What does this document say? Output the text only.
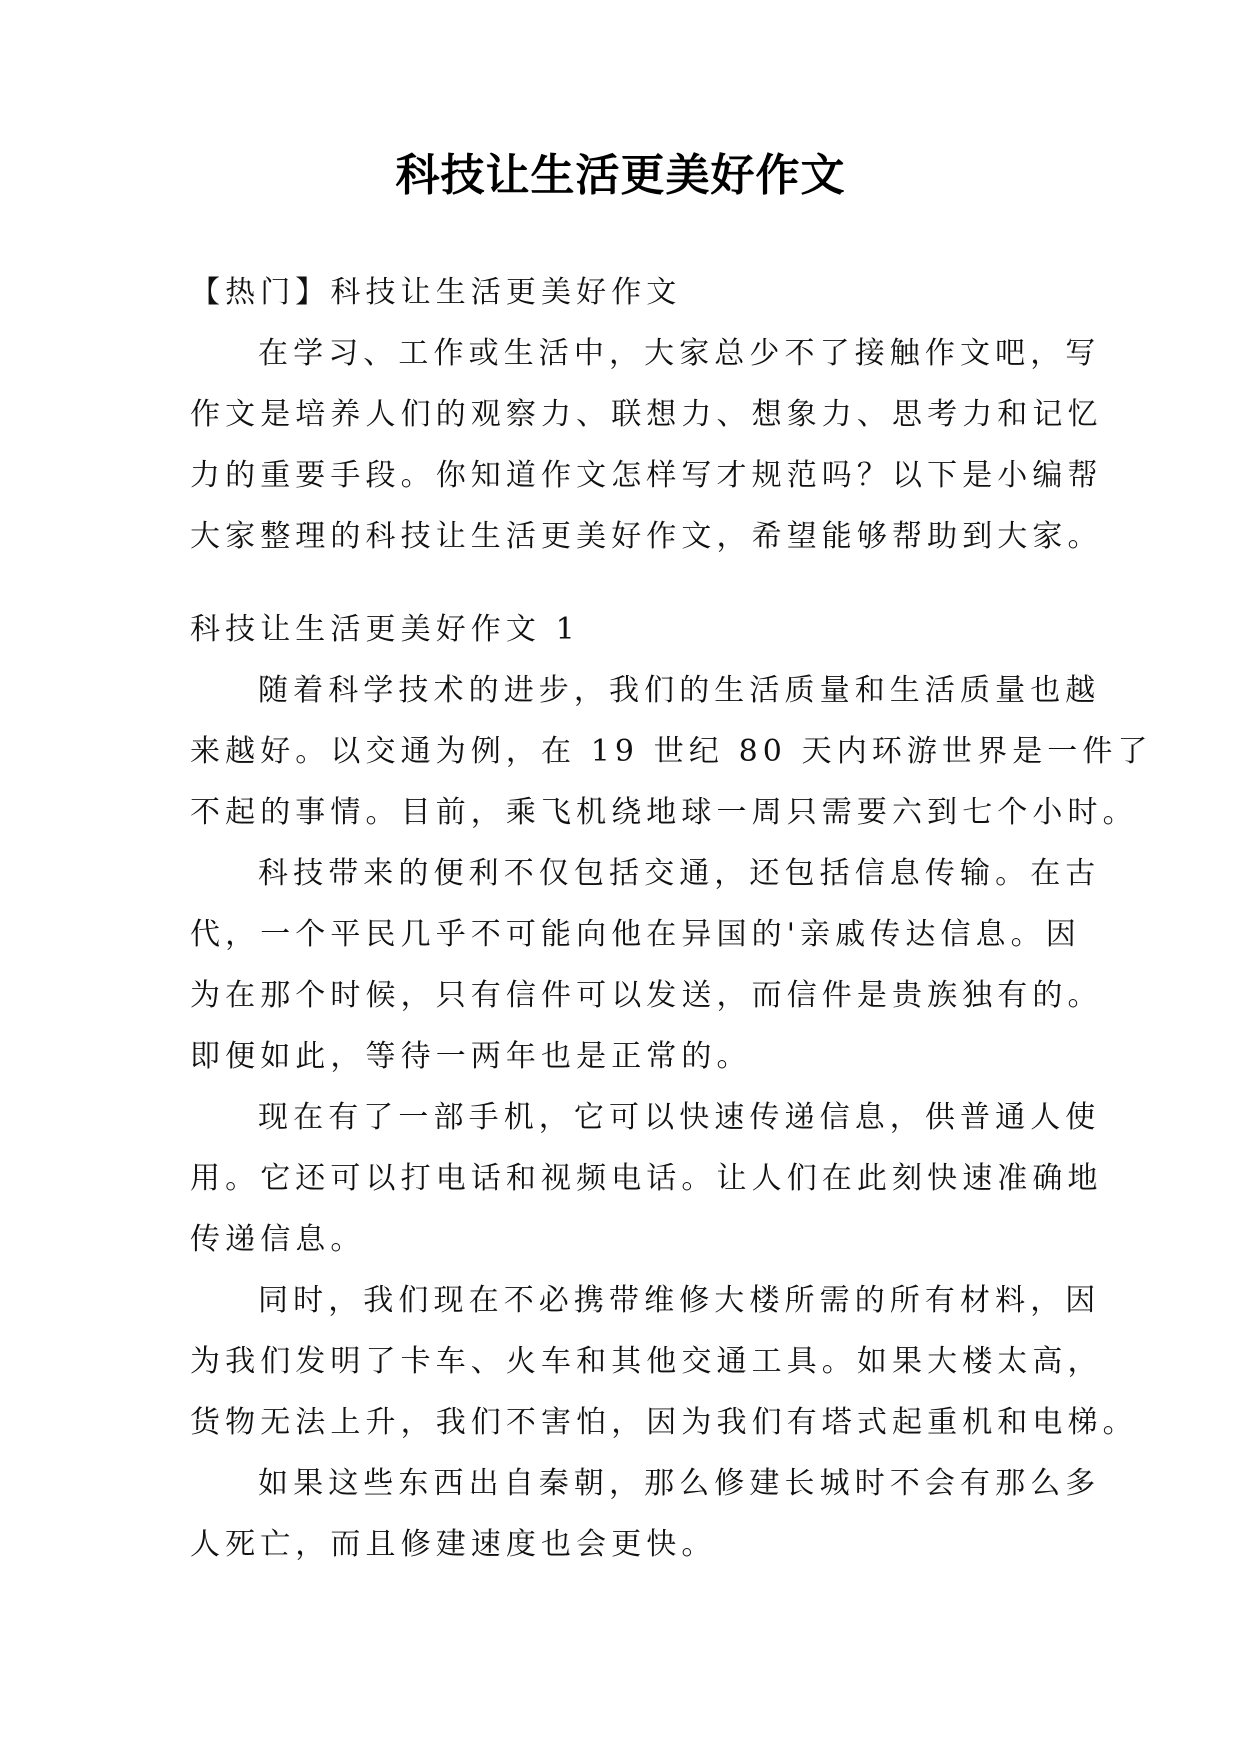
科技让生活更美好作文

【热门】科技让生活更美好作文

在学习、工作或生活中，大家总少不了接触作文吧，写

作文是培养人们的观察力、联想力、想象力、思考力和记忆

力的重要手段。你知道作文怎样写才规范吗？以下是小编帮

大家整理的科技让生活更美好作文，希望能够帮助到大家。

科技让生活更美好作文 1

随着科学技术的进步，我们的生活质量和生活质量也越

来越好。以交通为例，在 19 世纪 80 天内环游世界是一件了

不起的事情。目前，乘飞机绕地球一周只需要六到七个小时。

科技带来的便利不仅包括交通，还包括信息传输。在古

代，一个平民几乎不可能向他在异国的'亲戚传达信息。因

为在那个时候，只有信件可以发送，而信件是贵族独有的。

即便如此，等待一两年也是正常的。

现在有了一部手机，它可以快速传递信息，供普通人使

用。它还可以打电话和视频电话。让人们在此刻快速准确地

传递信息。

同时，我们现在不必携带维修大楼所需的所有材料，因

为我们发明了卡车、火车和其他交通工具。如果大楼太高，

货物无法上升，我们不害怕，因为我们有塔式起重机和电梯。

如果这些东西出自秦朝，那么修建长城时不会有那么多

人死亡，而且修建速度也会更快。
